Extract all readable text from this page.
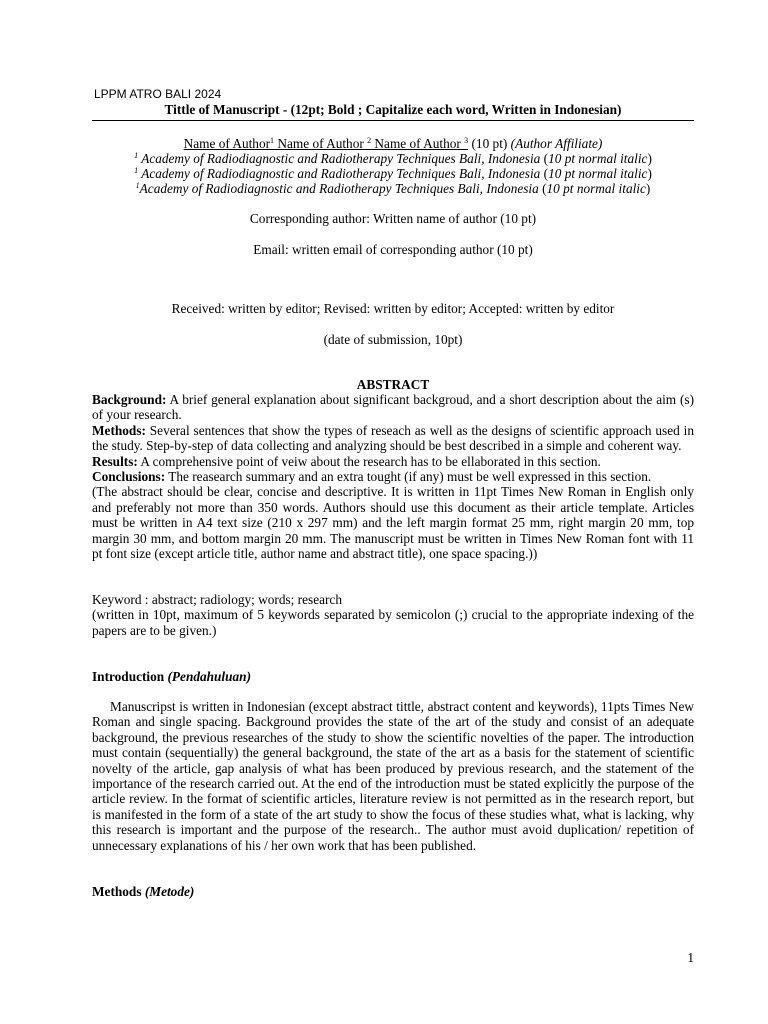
LPPM ATRO BALI 2024
Tittle of Manuscript - (12pt; Bold ; Capitalize each word, Written in Indonesian)
Name of Author$^1$ Name of Author $^2$ Name of Author $^3$ (10 pt) (Author Affiliate)
$^1$ Academy of Radiodiagnostic and Radiotherapy Techniques Bali, Indonesia (10 pt normal italic)
$^1$ Academy of Radiodiagnostic and Radiotherapy Techniques Bali, Indonesia (10 pt normal italic)
$^1$Academy of Radiodiagnostic and Radiotherapy Techniques Bali, Indonesia (10 pt normal italic)
Corresponding author: Written name of author (10 pt)
Email: written email of corresponding author (10 pt)
Received: written by editor; Revised: written by editor; Accepted: written by editor
(date of submission, 10pt)
ABSTRACT
Background: A brief general explanation about significant backgroud, and a short description about the aim (s) of your research.
Methods: Several sentences that show the types of reseach as well as the designs of scientific approach used in the study. Step-by-step of data collecting and analyzing should be best described in a simple and coherent way.
Results: A comprehensive point of veiw about the research has to be ellaborated in this section.
Conclusions: The reasearch summary and an extra tought (if any) must be well expressed in this section.
(The abstract should be clear, concise and descriptive. It is written in 11pt Times New Roman in English only and preferably not more than 350 words. Authors should use this document as their article template. Articles must be written in A4 text size (210 x 297 mm) and the left margin format 25 mm, right margin 20 mm, top margin 30 mm, and bottom margin 20 mm. The manuscript must be written in Times New Roman font with 11 pt font size (except article title, author name and abstract title), one space spacing.))
Keyword : abstract; radiology; words; research
(written in 10pt, maximum of 5 keywords separated by semicolon (;) crucial to the appropriate indexing of the papers are to be given.)
Introduction (Pendahuluan)
Manuscripst is written in Indonesian (except abstract tittle, abstract content and keywords), 11pts Times New Roman and single spacing. Background provides the state of the art of the study and consist of an adequate background, the previous researches of the study to show the scientific novelties of the paper. The introduction must contain (sequentially) the general background, the state of the art as a basis for the statement of scientific novelty of the article, gap analysis of what has been produced by previous research, and the statement of the importance of the research carried out. At the end of the introduction must be stated explicitly the purpose of the article review. In the format of scientific articles, literature review is not permitted as in the research report, but is manifested in the form of a state of the art study to show the focus of these studies what, what is lacking, why this research is important and the purpose of the research.. The author must avoid duplication/ repetition of unnecessary explanations of his / her own work that has been published.
Methods (Metode)
1
